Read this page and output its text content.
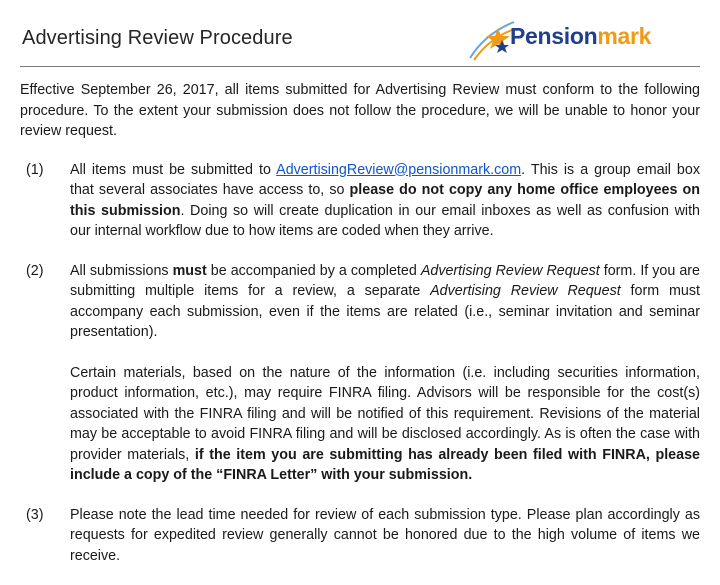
Advertising Review Procedure	Pensionmark

Effective September 26, 2017, all items submitted for Advertising Review must conform to the following procedure. To the extent your submission does not follow the procedure, we will be unable to honor your review request.

(1) All items must be submitted to AdvertisingReview@pensionmark.com. This is a group email box that several associates have access to, so please do not copy any home office employees on this submission. Doing so will create duplication in our email inboxes as well as confusion with our internal workflow due to how items are coded when they arrive.

(2) All submissions must be accompanied by a completed Advertising Review Request form. If you are submitting multiple items for a review, a separate Advertising Review Request form must accompany each submission, even if the items are related (i.e., seminar invitation and seminar presentation).

Certain materials, based on the nature of the information (i.e. including securities information, product information, etc.), may require FINRA filing. Advisors will be responsible for the cost(s) associated with the FINRA filing and will be notified of this requirement. Revisions of the material may be acceptable to avoid FINRA filing and will be disclosed accordingly. As is often the case with provider materials, if the item you are submitting has already been filed with FINRA, please include a copy of the “FINRA Letter” with your submission.

(3) Please note the lead time needed for review of each submission type. Please plan accordingly as requests for expedited review generally cannot be honored due to the high volume of items we receive.
